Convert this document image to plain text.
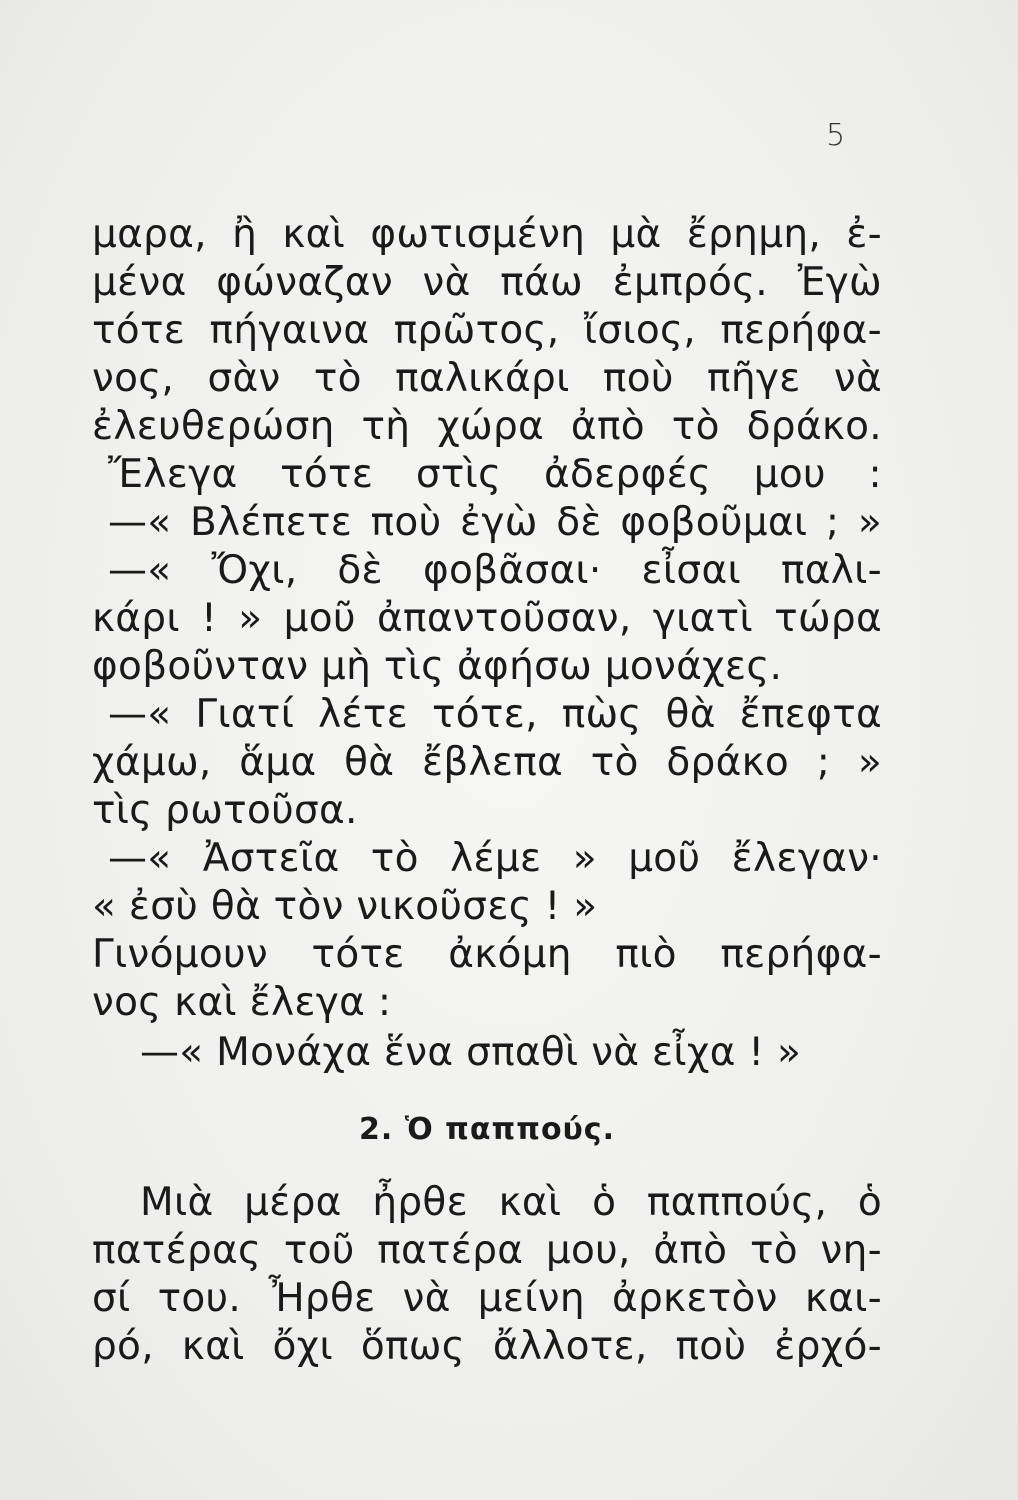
5
μαρα, ἢ καὶ φωτισμένη μὰ ἔρημη, ἐ-
μένα φώναζαν νὰ πάω ἐμπρός. Ἐγὼ
τότε πήγαινα πρῶτος, ἴσιος, περήφα-
νος, σὰν τὸ παλικάρι ποὺ πῆγε νὰ
ἐλευθερώση τὴ χώρα ἀπὸ τὸ δράκο.
Ἔλεγα τότε στὶς ἀδερφές μου :
—« Βλέπετε ποὺ ἐγὼ δὲ φοβοῦμαι ; »
—« Ὄχι, δὲ φοβᾶσαι· εἶσαι παλι-
κάρι ! » μοῦ ἀπαντοῦσαν, γιατὶ τώρα
φοβοῦνταν μὴ τὶς ἀφήσω μονάχες.
—« Γιατί λέτε τότε, πὼς θὰ ἔπεφτα
χάμω, ἅμα θὰ ἔβλεπα τὸ δράκο ; »
τὶς ρωτοῦσα.
—« Ἀστεῖα τὸ λέμε » μοῦ ἔλεγαν·
« ἐσὺ θὰ τὸν νικοῦσες ! »
Γινόμουν τότε ἀκόμη πιὸ περήφα-
νος καὶ ἔλεγα :
—« Μονάχα ἕνα σπαθὶ νὰ εἶχα ! »
2. Ὁ παππούς.
Μιὰ μέρα ἦρθε καὶ ὁ παππούς, ὁ
πατέρας τοῦ πατέρα μου, ἀπὸ τὸ νη-
σί του. Ἦρθε νὰ μείνη ἀρκετὸν και-
ρό, καὶ ὄχι ὅπως ἄλλοτε, ποὺ ἐρχό-
